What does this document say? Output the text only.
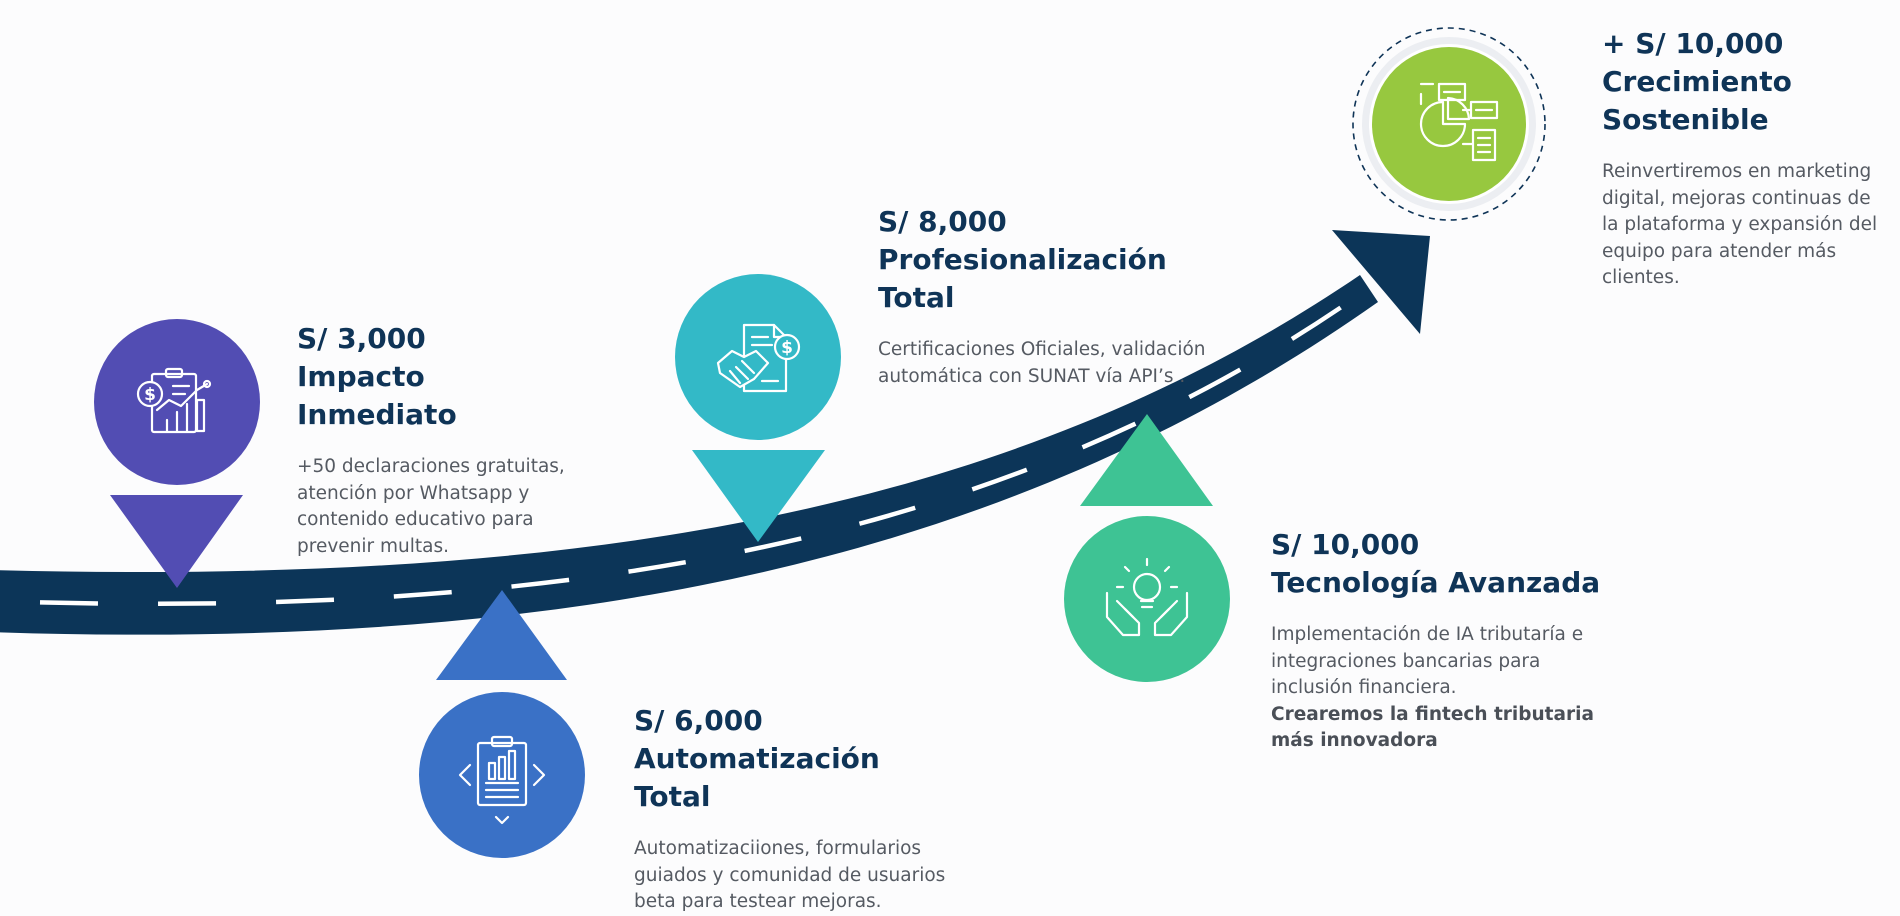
$
$
S/ 3,000
Impacto Inmediato
+50 declaraciones gratuitas, atención por Whatsapp y contenido educativo para prevenir multas.
S/ 6,000
Automatización Total
Automatizaciiones, formularios guiados y comunidad de usuarios beta para testear mejoras.
S/ 8,000
Profesionalización Total
Certificaciones Oficiales, validación automática con SUNAT vía API’s .
S/ 10,000
Tecnología Avanzada
Implementación de IA tributaría e integraciones bancarias para inclusión financiera.
Crearemos la fintech tributaria más innovadora
+ S/ 10,000
Crecimiento Sostenible
Reinvertiremos en marketing digital, mejoras continuas de la plataforma y expansión del equipo para atender más clientes.
